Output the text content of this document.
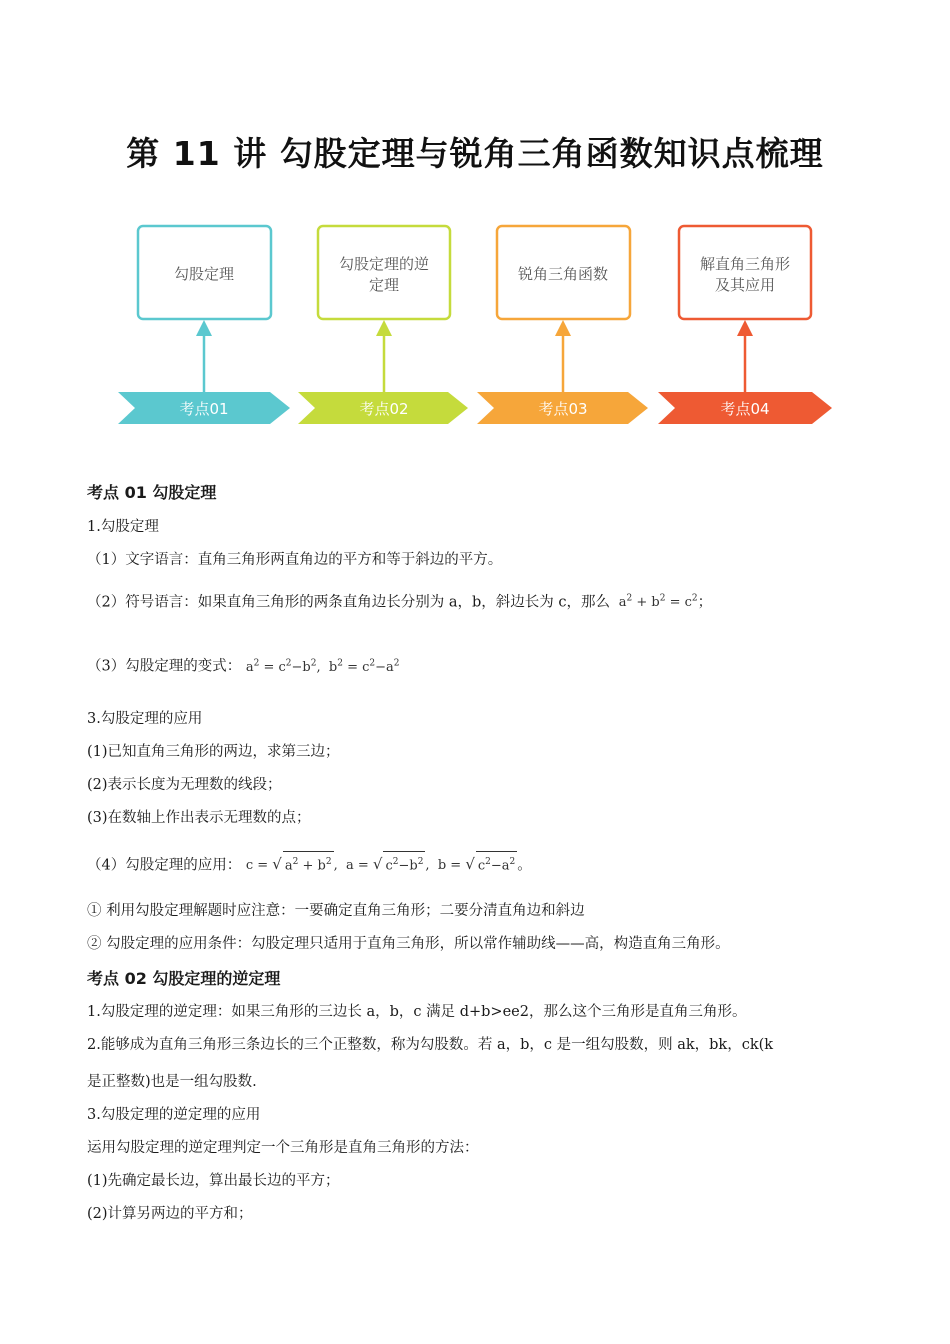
第 11 讲 勾股定理与锐角三角函数知识点梳理
勾股定理
勾股定理的逆
定理
锐角三角函数
解直角三角形
及其应用
考点01	考点02	考点03	考点04

考点 01 勾股定理

1.勾股定理

（1）文字语言：直角三角形两直角边的平方和等于斜边的平方。

（2）符号语言：如果直角三角形的两条直角边长分别为 a，b，斜边长为 c，那么  $a^2 + b^2 = c^2$；

（3）勾股定理的变式： $a^2 = c^2-b^2$,  $b^2 = c^2-a^2$

3.勾股定理的应用

(1)已知直角三角形的两边，求第三边；

(2)表示长度为无理数的线段；

(3)在数轴上作出表示无理数的点；

（4）勾股定理的应用： c = √ $a^2 + b^2$ ,  a = √ $c^2-b^2$ ,  b = √ $c^2-a^2$ 。

① 利用勾股定理解题时应注意：一要确定直角三角形；二要分清直角边和斜边

② 勾股定理的应用条件：勾股定理只适用于直角三角形，所以常作辅助线——高，构造直角三角形。

考点 02 勾股定理的逆定理

1.勾股定理的逆定理：如果三角形的三边长 a，b，c 满足 d+b>ee2，那么这个三角形是直角三角形。

2.能够成为直角三角形三条边长的三个正整数，称为勾股数。若 a，b，c 是一组勾股数，则 ak，bk，ck(k

是正整数)也是一组勾股数.

3.勾股定理的逆定理的应用

运用勾股定理的逆定理判定一个三角形是直角三角形的方法：

(1)先确定最长边，算出最长边的平方；

(2)计算另两边的平方和；
